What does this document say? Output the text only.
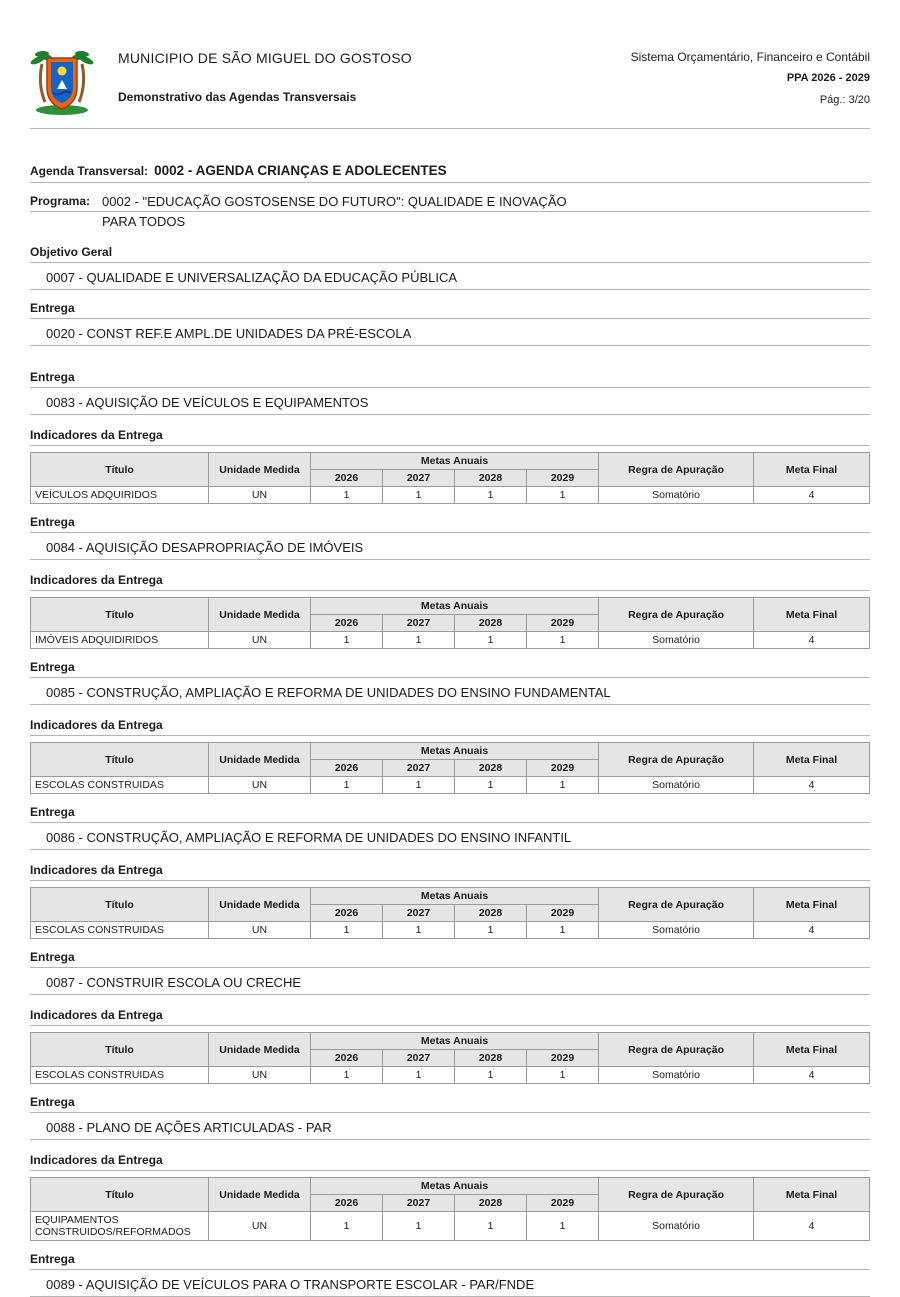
MUNICIPIO DE SÃO MIGUEL DO GOSTOSO
Demonstrativo das Agendas Transversais
Sistema Orçamentário, Financeiro e Contábil
PPA 2026 - 2029
Pág.: 3/20
Agenda Transversal: 0002 - AGENDA CRIANÇAS E ADOLECENTES
Programa: 0002 - "EDUCAÇÃO GOSTOSENSE DO FUTURO": QUALIDADE E INOVAÇÃO PARA TODOS
Objetivo Geral

0007 - QUALIDADE E UNIVERSALIZAÇÃO DA EDUCAÇÃO PÚBLICA

Entrega

0020 - CONST REF.E AMPL.DE UNIDADES DA PRÉ-ESCOLA

Entrega

0083 - AQUISIÇÃO DE VEÍCULOS E EQUIPAMENTOS

Indicadores da Entrega
Título	Unidade Medida	Metas Anuais				Regra de Apuração	Meta Final
		2026	2027	2028	2029		
VEÍCULOS ADQUIRIDOS	UN	1	1	1	1	Somatório	4
Entrega

0084 - AQUISIÇÃO DESAPROPRIAÇÃO DE IMÓVEIS

Indicadores da Entrega
Título	Unidade Medida	Metas Anuais				Regra de Apuração	Meta Final
		2026	2027	2028	2029		
IMÓVEIS ADQUIDIRIDOS	UN	1	1	1	1	Somatório	4
Entrega

0085 - CONSTRUÇÃO, AMPLIAÇÃO E REFORMA DE UNIDADES DO ENSINO FUNDAMENTAL

Indicadores da Entrega
Título	Unidade Medida	Metas Anuais				Regra de Apuração	Meta Final
		2026	2027	2028	2029		
ESCOLAS CONSTRUIDAS	UN	1	1	1	1	Somatório	4
Entrega

0086 - CONSTRUÇÃO, AMPLIAÇÃO E REFORMA DE UNIDADES DO ENSINO INFANTIL

Indicadores da Entrega
Título	Unidade Medida	Metas Anuais				Regra de Apuração	Meta Final
		2026	2027	2028	2029		
ESCOLAS CONSTRUIDAS	UN	1	1	1	1	Somatório	4
Entrega

0087 - CONSTRUIR ESCOLA OU CRECHE

Indicadores da Entrega
Título	Unidade Medida	Metas Anuais				Regra de Apuração	Meta Final
		2026	2027	2028	2029		
ESCOLAS CONSTRUIDAS	UN	1	1	1	1	Somatório	4
Entrega

0088 - PLANO DE AÇÕES ARTICULADAS - PAR

Indicadores da Entrega
Título	Unidade Medida	Metas Anuais				Regra de Apuração	Meta Final
		2026	2027	2028	2029		
EQUIPAMENTOS CONSTRUIDOS/REFORMADOS	UN	1	1	1	1	Somatório	4
Entrega

0089 - AQUISIÇÃO DE VEÍCULOS PARA O TRANSPORTE ESCOLAR - PAR/FNDE
